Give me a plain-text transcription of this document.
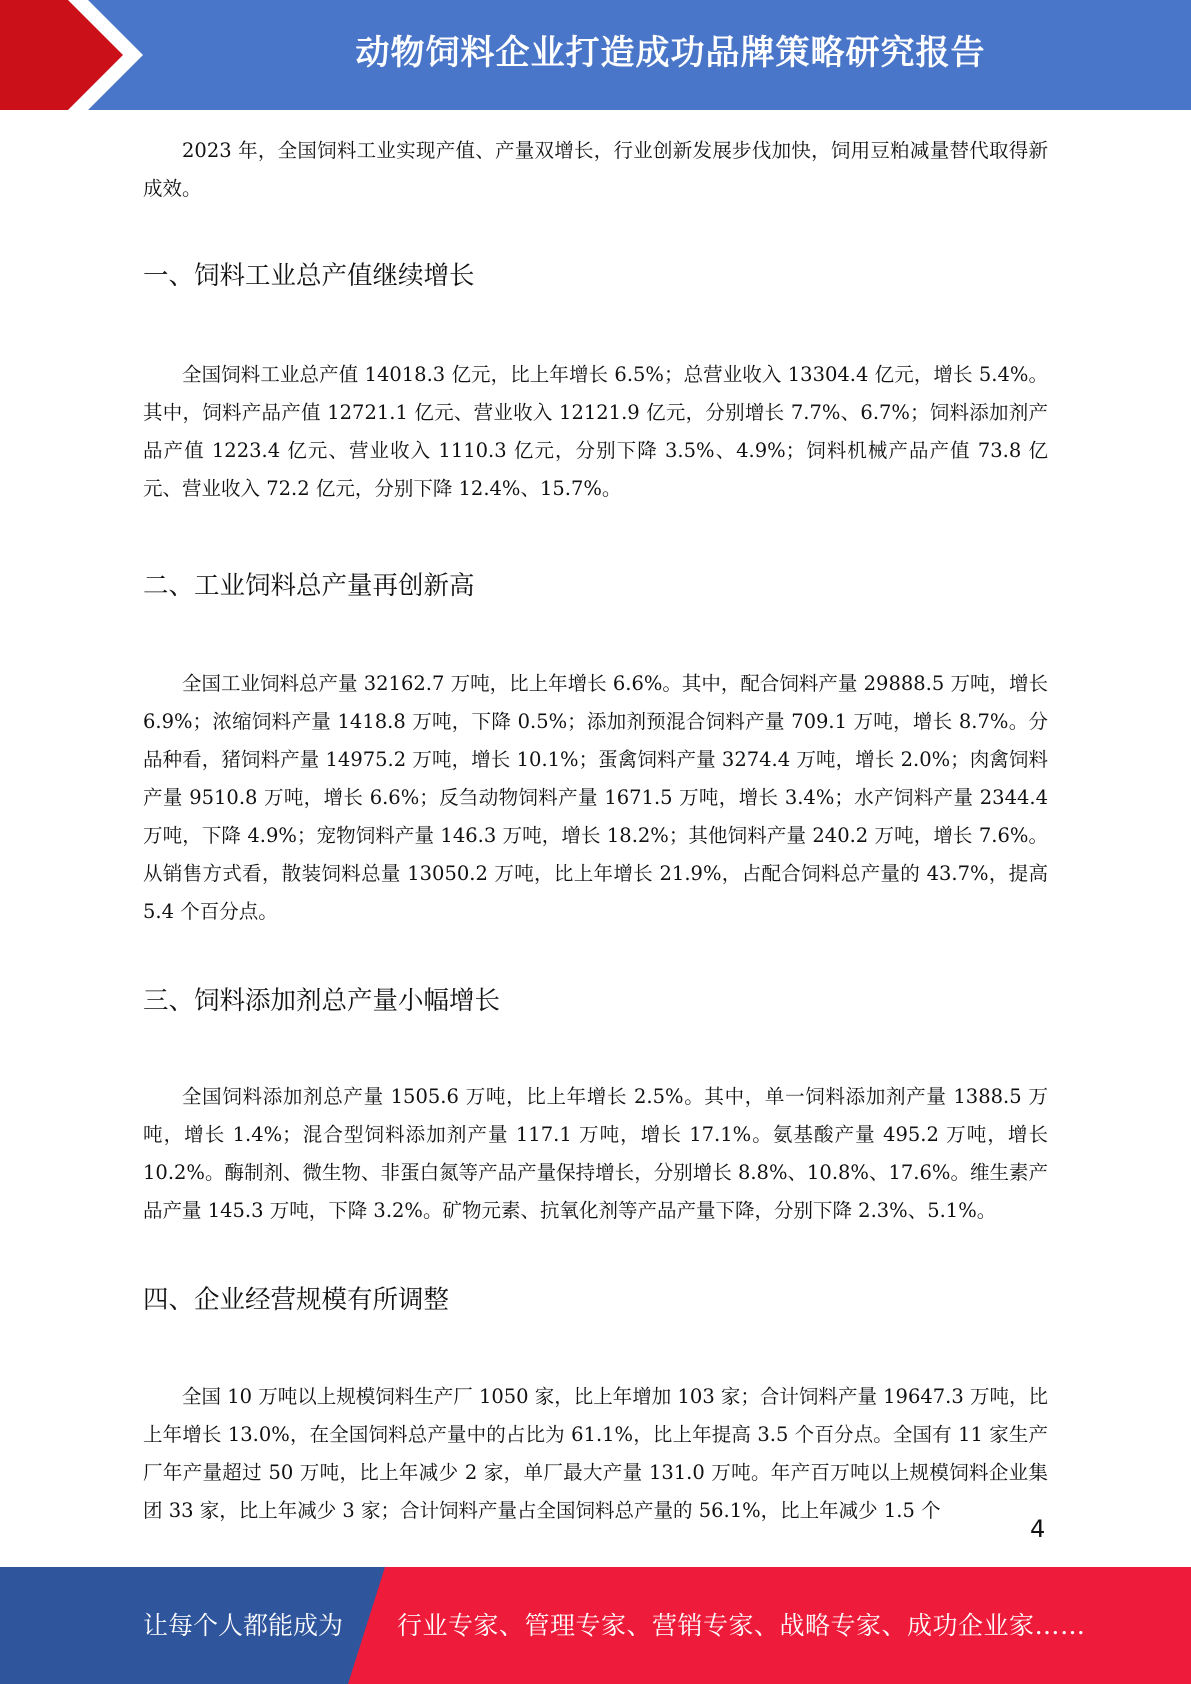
动物饲料企业打造成功品牌策略研究报告

2023 年，全国饲料工业实现产值、产量双增长，行业创新发展步伐加快，饲用豆粕减量替代取得新成效。

一、饲料工业总产值继续增长

全国饲料工业总产值 14018.3 亿元，比上年增长 6.5%；总营业收入 13304.4 亿元，增长 5.4%。其中，饲料产品产值 12721.1 亿元、营业收入 12121.9 亿元，分别增长 7.7%、6.7%；饲料添加剂产品产值 1223.4 亿元、营业收入 1110.3 亿元，分别下降 3.5%、4.9%；饲料机械产品产值 73.8 亿元、营业收入 72.2 亿元，分别下降 12.4%、15.7%。

二、工业饲料总产量再创新高

全国工业饲料总产量 32162.7 万吨，比上年增长 6.6%。其中，配合饲料产量 29888.5 万吨，增长 6.9%；浓缩饲料产量 1418.8 万吨，下降 0.5%；添加剂预混合饲料产量 709.1 万吨，增长 8.7%。分品种看，猪饲料产量 14975.2 万吨，增长 10.1%；蛋禽饲料产量 3274.4 万吨，增长 2.0%；肉禽饲料产量 9510.8 万吨，增长 6.6%；反刍动物饲料产量 1671.5 万吨，增长 3.4%；水产饲料产量 2344.4 万吨，下降 4.9%；宠物饲料产量 146.3 万吨，增长 18.2%；其他饲料产量 240.2 万吨，增长 7.6%。从销售方式看，散装饲料总量 13050.2 万吨，比上年增长 21.9%，占配合饲料总产量的 43.7%，提高 5.4 个百分点。

三、饲料添加剂总产量小幅增长

全国饲料添加剂总产量 1505.6 万吨，比上年增长 2.5%。其中，单一饲料添加剂产量 1388.5 万吨，增长 1.4%；混合型饲料添加剂产量 117.1 万吨，增长 17.1%。氨基酸产量 495.2 万吨，增长 10.2%。酶制剂、微生物、非蛋白氮等产品产量保持增长，分别增长 8.8%、10.8%、17.6%。维生素产品产量 145.3 万吨，下降 3.2%。矿物元素、抗氧化剂等产品产量下降，分别下降 2.3%、5.1%。

四、企业经营规模有所调整

全国 10 万吨以上规模饲料生产厂 1050 家，比上年增加 103 家；合计饲料产量 19647.3 万吨，比上年增长 13.0%，在全国饲料总产量中的占比为 61.1%，比上年提高 3.5 个百分点。全国有 11 家生产厂年产量超过 50 万吨，比上年减少 2 家，单厂最大产量 131.0 万吨。年产百万吨以上规模饲料企业集团 33 家，比上年减少 3 家；合计饲料产量占全国饲料总产量的 56.1%，比上年减少 1.5 个

4
让每个人都能成为 行业专家、管理专家、营销专家、战略专家、成功企业家……
